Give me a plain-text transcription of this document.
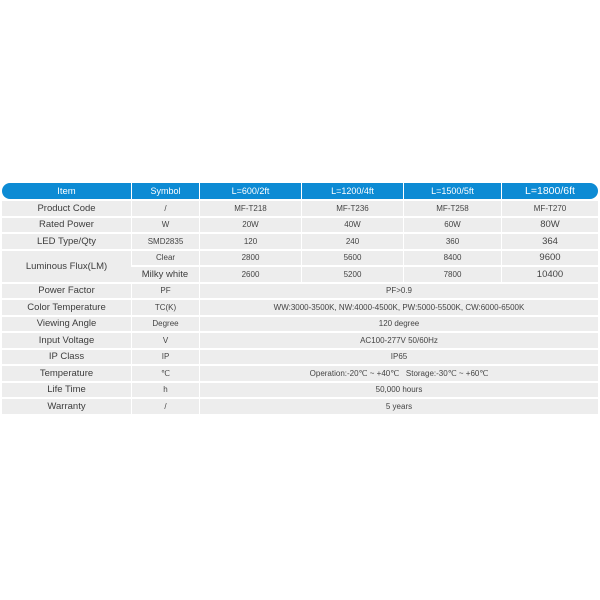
Item	Symbol	L=600/2ft	L=1200/4ft	L=1500/5ft	L=1800/6ft
Product Code	/	MF-T218	MF-T236	MF-T258	MF-T270
Rated Power	W	20W	40W	60W	80W
LED Type/Qty	SMD2835	120	240	360	364
Luminous Flux(LM)	Clear	2800	5600	8400	9600
	Milky white	2600	5200	7800	10400
Power Factor	PF	PF>0.9			
Color Temperature	TC(K)	WW:3000-3500K, NW:4000-4500K, PW:5000-5500K, CW:6000-6500K			
Viewing Angle	Degree	120 degree			
Input Voltage	V	AC100-277V 50/60Hz			
IP Class	IP	IP65			
Temperature	℃	Operation:-20℃ ~ +40℃   Storage:-30℃ ~ +60℃			
Life Time	h	50,000 hours			
Warranty	/	5 years			
